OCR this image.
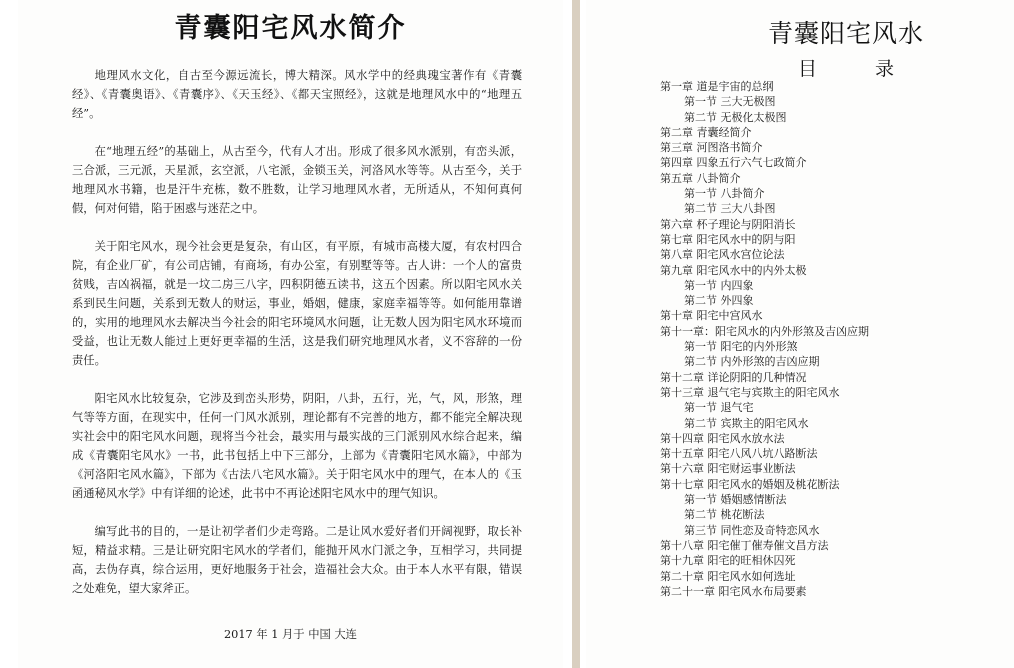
青囊阳宅风水简介

地理风水文化，自古至今源远流长，博大精深。风水学中的经典瑰宝著作有《青囊经》、《青囊奥语》、《青囊序》、《天玉经》、《都天宝照经》，这就是地理风水中的“地理五经”。

在“地理五经”的基础上，从古至今，代有人才出。形成了很多风水派别，有峦头派，三合派，三元派，天星派，玄空派，八宅派，金锁玉关，河洛风水等等。从古至今，关于地理风水书籍，也是汗牛充栋，数不胜数，让学习地理风水者，无所适从，不知何真何假，何对何错，陷于困惑与迷茫之中。

关于阳宅风水，现今社会更是复杂，有山区，有平原，有城市高楼大厦，有农村四合院，有企业厂矿，有公司店铺，有商场，有办公室，有别墅等等。古人讲：一个人的富贵贫贱，吉凶祸福，就是一坟二房三八字，四积阴德五读书，这五个因素。所以阳宅风水关系到民生问题，关系到无数人的财运，事业，婚姻，健康，家庭幸福等等。如何能用靠谱的，实用的地理风水去解决当今社会的阳宅环境风水问题，让无数人因为阳宅风水环境而受益，也让无数人能过上更好更幸福的生活，这是我们研究地理风水者，义不容辞的一份责任。

阳宅风水比较复杂，它涉及到峦头形势，阴阳，八卦，五行，光，气，风，形煞，理气等等方面，在现实中，任何一门风水派别，理论都有不完善的地方，都不能完全解决现实社会中的阳宅风水问题，现将当今社会，最实用与最实战的三门派别风水综合起来，编成《青囊阳宅风水》一书，此书包括上中下三部分，上部为《青囊阳宅风水篇》，中部为《河洛阳宅风水篇》，下部为《古法八宅风水篇》。关于阳宅风水中的理气，在本人的《玉函通秘风水学》中有详细的论述，此书中不再论述阳宅风水中的理气知识。

编写此书的目的，一是让初学者们少走弯路。二是让风水爱好者们开阔视野，取长补短，精益求精。三是让研究阳宅风水的学者们，能抛开风水门派之争，互相学习，共同提高，去伪存真，综合运用，更好地服务于社会，造福社会大众。由于本人水平有限，错误之处难免，望大家斧正。

2017 年 1 月于 中国 大连
青囊阳宅风水
目 录
第一章 道是宇宙的总纲
第一节 三大无极图
第二节 无极化太极图
第二章 青囊经简介
第三章 河图洛书简介
第四章 四象五行六气七政简介
第五章 八卦简介
第一节 八卦简介
第二节 三大八卦图
第六章 杯子理论与阴阳消长
第七章 阳宅风水中的阴与阳
第八章 阳宅风水宫位论法
第九章 阳宅风水中的内外太极
第一节 内四象
第二节 外四象
第十章 阳宅中宫风水
第十一章：阳宅风水的内外形煞及吉凶应期
第一节 阳宅的内外形煞
第二节 内外形煞的吉凶应期
第十二章 详论阴阳的几种情况
第十三章 退气宅与宾欺主的阳宅风水
第一节 退气宅
第二节 宾欺主的阳宅风水
第十四章 阳宅风水放水法
第十五章 阳宅八风八坑八路断法
第十六章 阳宅财运事业断法
第十七章 阳宅风水的婚姻及桃花断法
第一节 婚姻感情断法
第二节 桃花断法
第三节 同性恋及奇特恋风水
第十八章 阳宅催丁催寿催文昌方法
第十九章 阳宅的旺相休囚死
第二十章 阳宅风水如何选址
第二十一章 阳宅风水布局要素
